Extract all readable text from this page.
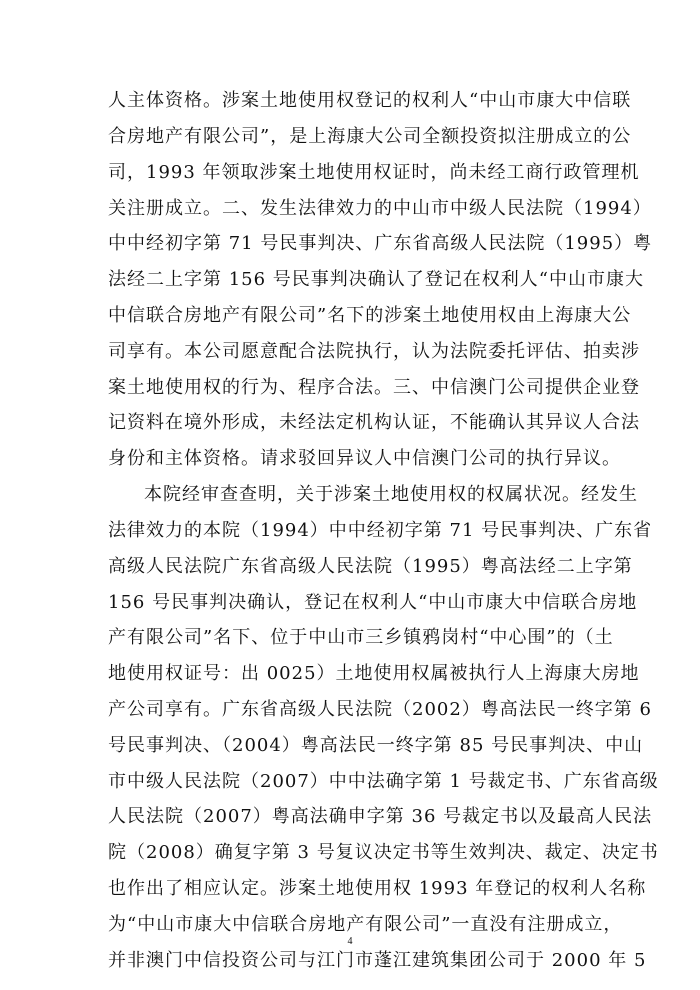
人主体资格。涉案土地使用权登记的权利人“中山市康大中信联
合房地产有限公司”，是上海康大公司全额投资拟注册成立的公
司，1993 年领取涉案土地使用权证时，尚未经工商行政管理机
关注册成立。二、发生法律效力的中山市中级人民法院（1994）
中中经初字第 71 号民事判决、广东省高级人民法院（1995）粤
法经二上字第 156 号民事判决确认了登记在权利人“中山市康大
中信联合房地产有限公司”名下的涉案土地使用权由上海康大公
司享有。本公司愿意配合法院执行，认为法院委托评估、拍卖涉
案土地使用权的行为、程序合法。三、中信澳门公司提供企业登
记资料在境外形成，未经法定机构认证，不能确认其异议人合法
身份和主体资格。请求驳回异议人中信澳门公司的执行异议。
本院经审查查明，关于涉案土地使用权的权属状况。经发生
法律效力的本院（1994）中中经初字第 71 号民事判决、广东省
高级人民法院广东省高级人民法院（1995）粤高法经二上字第
156 号民事判决确认，登记在权利人“中山市康大中信联合房地
产有限公司”名下、位于中山市三乡镇鸦岗村“中心围”的（土
地使用权证号：出 0025）土地使用权属被执行人上海康大房地
产公司享有。广东省高级人民法院（2002）粤高法民一终字第 6
号民事判决、（2004）粤高法民一终字第 85 号民事判决、中山
市中级人民法院（2007）中中法确字第 1 号裁定书、广东省高级
人民法院（2007）粤高法确申字第 36 号裁定书以及最高人民法
院（2008）确复字第 3 号复议决定书等生效判决、裁定、决定书
也作出了相应认定。涉案土地使用权 1993 年登记的权利人名称
为“中山市康大中信联合房地产有限公司”一直没有注册成立，
并非澳门中信投资公司与江门市蓬江建筑集团公司于 2000 年 5
4
